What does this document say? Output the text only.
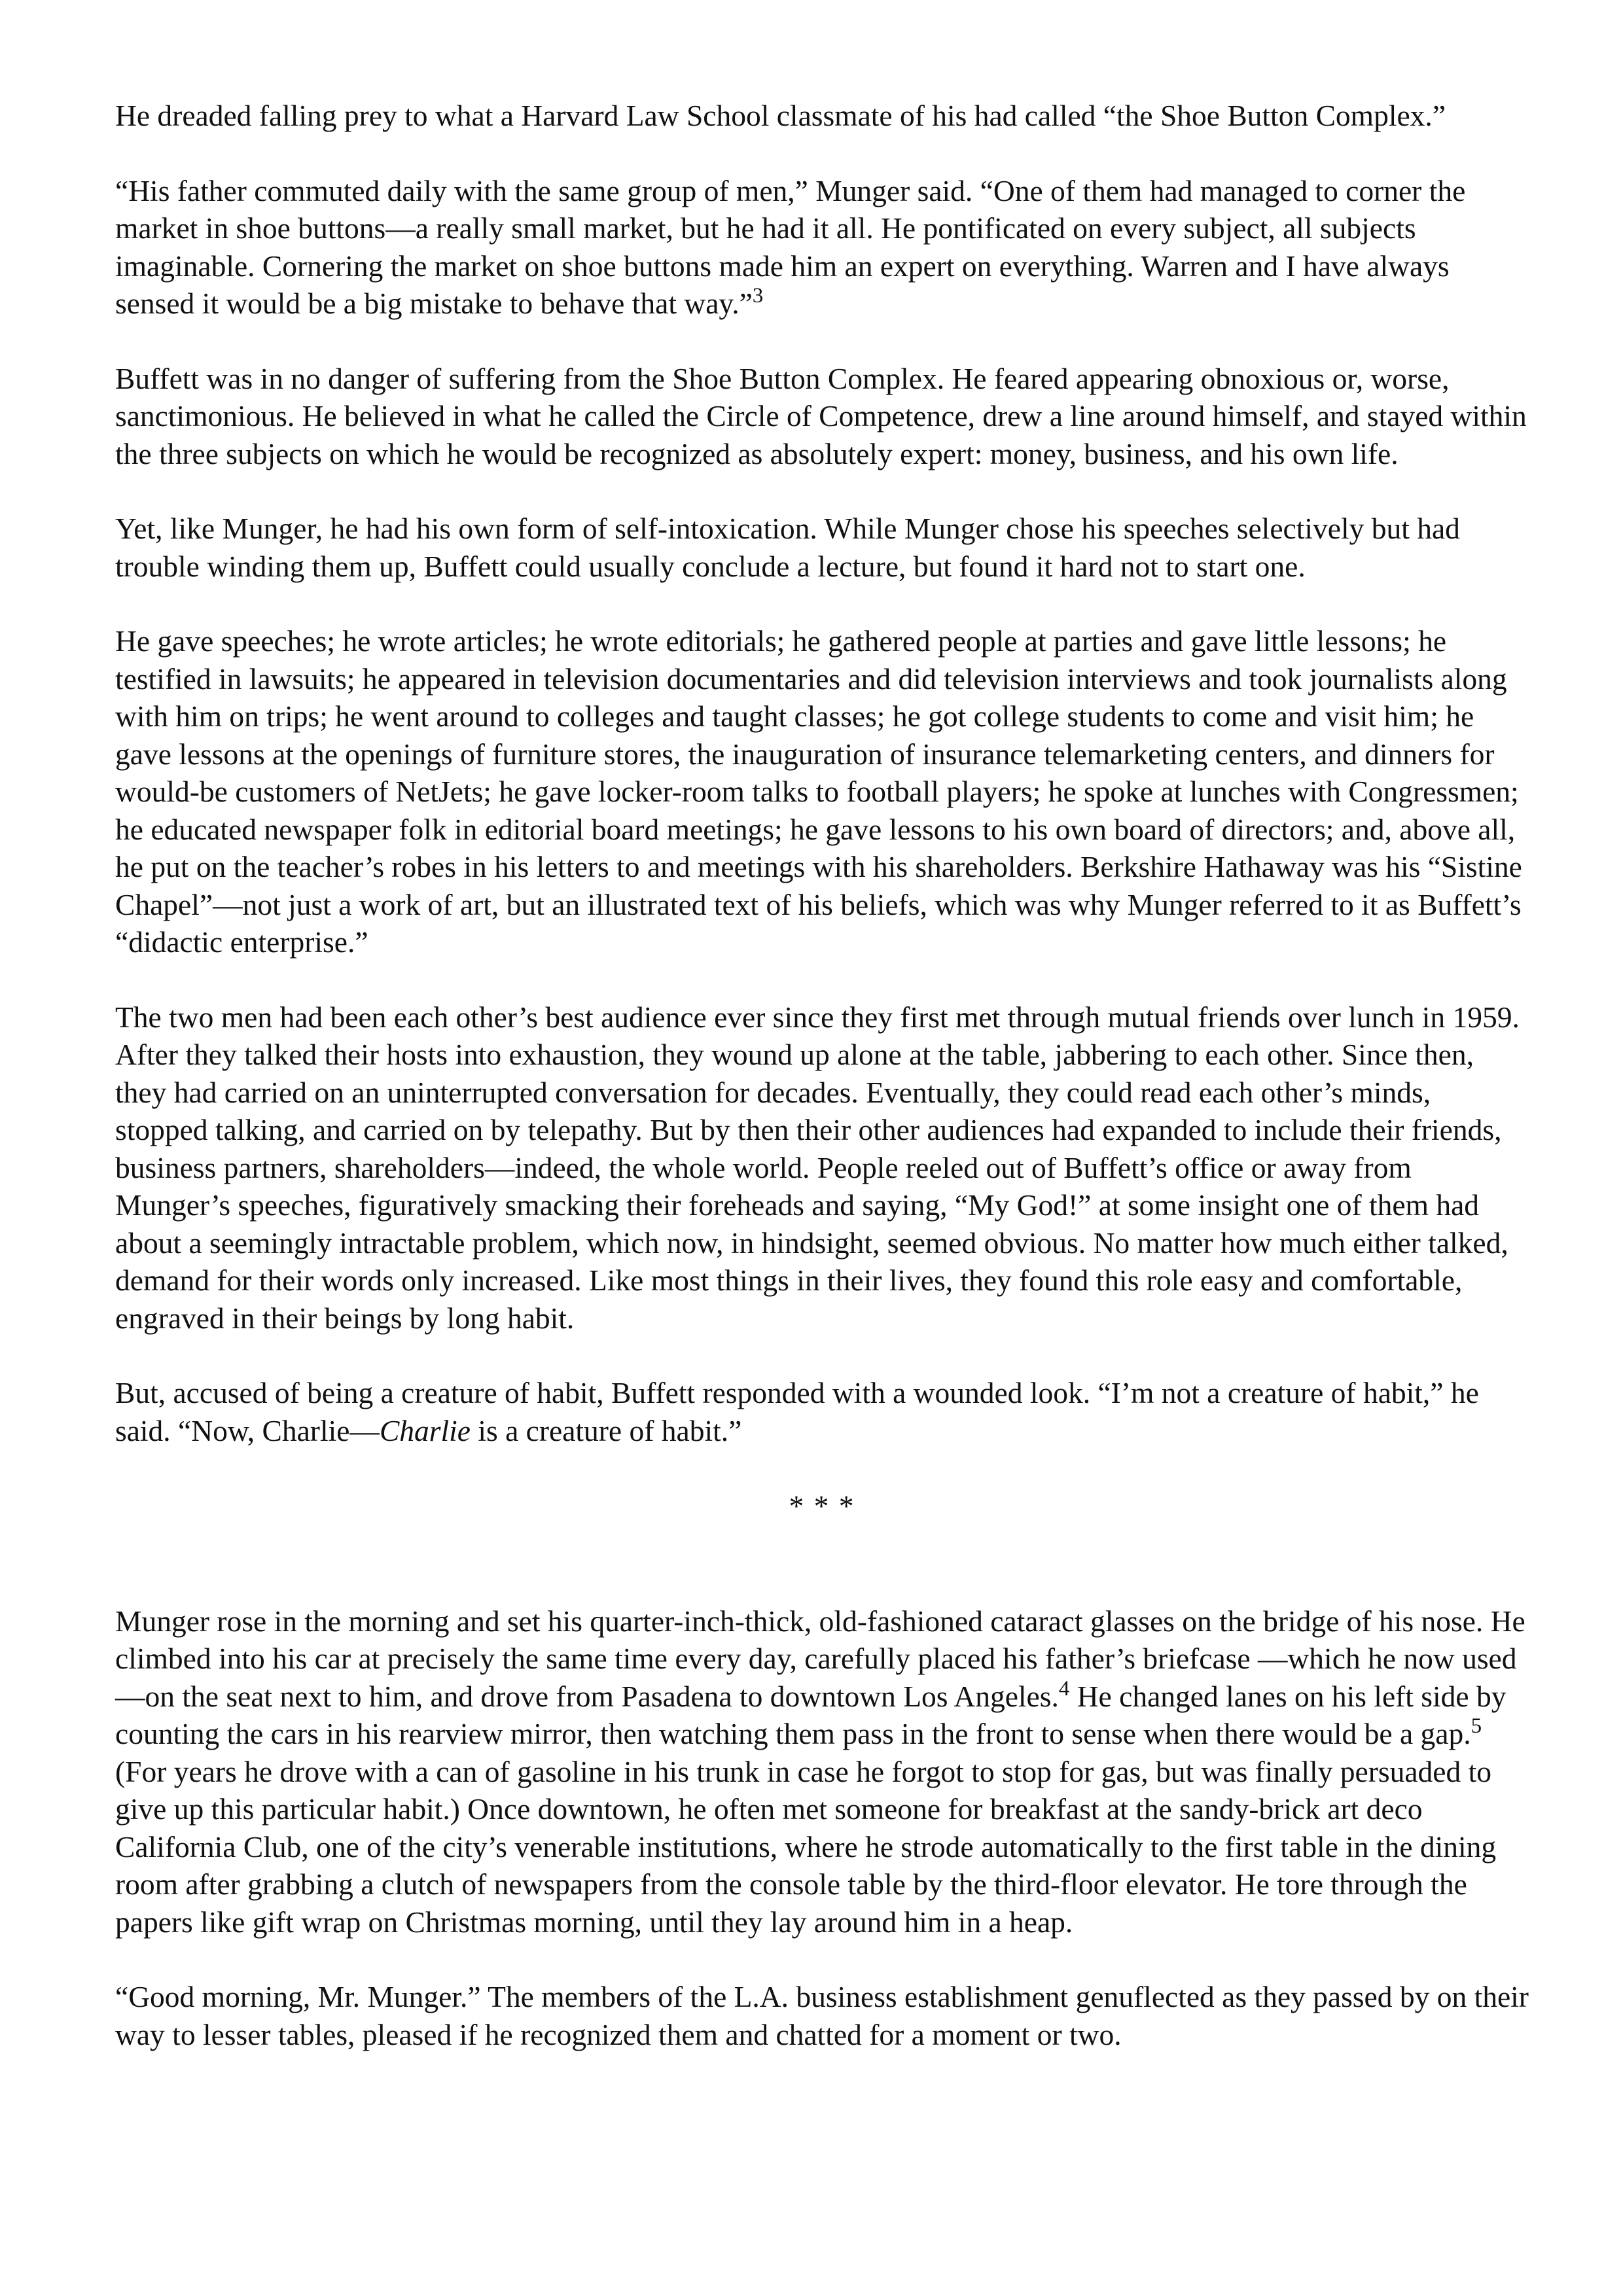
He dreaded falling prey to what a Harvard Law School classmate of his had called “the Shoe Button Complex.”

“His father commuted daily with the same group of men,” Munger said. “One of them had managed to corner the market in shoe buttons—a really small market, but he had it all. He pontificated on every subject, all subjects imaginable. Cornering the market on shoe buttons made him an expert on everything. Warren and I have always sensed it would be a big mistake to behave that way.”$^3$

Buffett was in no danger of suffering from the Shoe Button Complex. He feared appearing obnoxious or, worse, sanctimonious. He believed in what he called the Circle of Competence, drew a line around himself, and stayed within the three subjects on which he would be recognized as absolutely expert: money, business, and his own life.

Yet, like Munger, he had his own form of self-intoxication. While Munger chose his speeches selectively but had trouble winding them up, Buffett could usually conclude a lecture, but found it hard not to start one.

He gave speeches; he wrote articles; he wrote editorials; he gathered people at parties and gave little lessons; he testified in lawsuits; he appeared in television documentaries and did television interviews and took journalists along with him on trips; he went around to colleges and taught classes; he got college students to come and visit him; he gave lessons at the openings of furniture stores, the inauguration of insurance telemarketing centers, and dinners for would-be customers of NetJets; he gave locker-room talks to football players; he spoke at lunches with Congressmen; he educated newspaper folk in editorial board meetings; he gave lessons to his own board of directors; and, above all, he put on the teacher’s robes in his letters to and meetings with his shareholders. Berkshire Hathaway was his “Sistine Chapel”—not just a work of art, but an illustrated text of his beliefs, which was why Munger referred to it as Buffett’s “didactic enterprise.”

The two men had been each other’s best audience ever since they first met through mutual friends over lunch in 1959. After they talked their hosts into exhaustion, they wound up alone at the table, jabbering to each other. Since then, they had carried on an uninterrupted conversation for decades. Eventually, they could read each other’s minds, stopped talking, and carried on by telepathy. But by then their other audiences had expanded to include their friends, business partners, shareholders—indeed, the whole world. People reeled out of Buffett’s office or away from Munger’s speeches, figuratively smacking their foreheads and saying, “My God!” at some insight one of them had about a seemingly intractable problem, which now, in hindsight, seemed obvious. No matter how much either talked, demand for their words only increased. Like most things in their lives, they found this role easy and comfortable, engraved in their beings by long habit.

But, accused of being a creature of habit, Buffett responded with a wounded look. “I’m not a creature of habit,” he said. “Now, Charlie—Charlie is a creature of habit.”

* * *

Munger rose in the morning and set his quarter-inch-thick, old-fashioned cataract glasses on the bridge of his nose. He climbed into his car at precisely the same time every day, carefully placed his father’s briefcase —which he now used—on the seat next to him, and drove from Pasadena to downtown Los Angeles.$^4$ He changed lanes on his left side by counting the cars in his rearview mirror, then watching them pass in the front to sense when there would be a gap.$^5$ (For years he drove with a can of gasoline in his trunk in case he forgot to stop for gas, but was finally persuaded to give up this particular habit.) Once downtown, he often met someone for breakfast at the sandy-brick art deco California Club, one of the city’s venerable institutions, where he strode automatically to the first table in the dining room after grabbing a clutch of newspapers from the console table by the third-floor elevator. He tore through the papers like gift wrap on Christmas morning, until they lay around him in a heap.

“Good morning, Mr. Munger.” The members of the L.A. business establishment genuflected as they passed by on their way to lesser tables, pleased if he recognized them and chatted for a moment or two.
